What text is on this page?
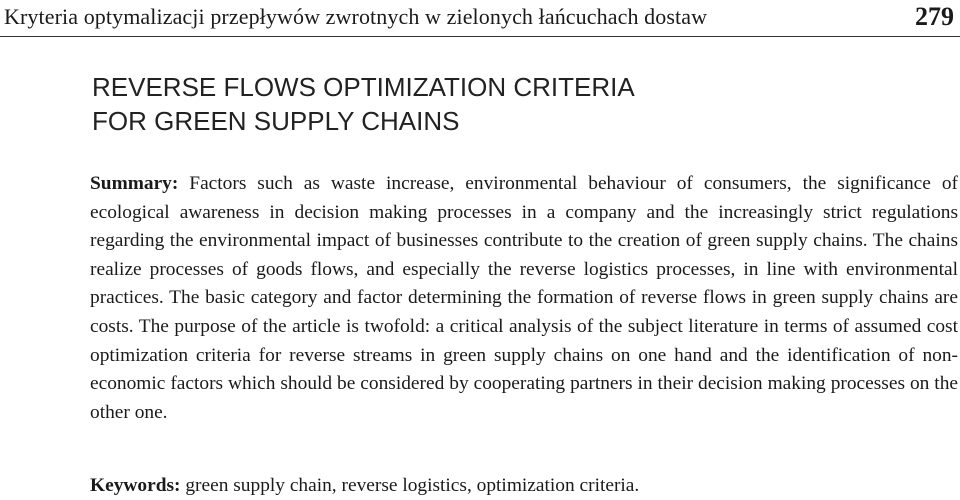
Kryteria optymalizacji przepływów zwrotnych w zielonych łańcuchach dostaw	279
REVERSE FLOWS OPTIMIZATION CRITERIA
FOR GREEN SUPPLY CHAINS

Summary: Factors such as waste increase, environmental behaviour of consumers, the significance of ecological awareness in decision making processes in a company and the increasingly strict regulations regarding the environmental impact of businesses contribute to the creation of green supply chains. The chains realize processes of goods flows, and especially the reverse logistics processes, in line with environmental practices. The basic category and factor determining the formation of reverse flows in green supply chains are costs. The purpose of the article is twofold: a critical analysis of the subject literature in terms of assumed cost optimization criteria for reverse streams in green supply chains on one hand and the identification of non-economic factors which should be considered by cooperating partners in their decision making processes on the other one.

Keywords: green supply chain, reverse logistics, optimization criteria.
